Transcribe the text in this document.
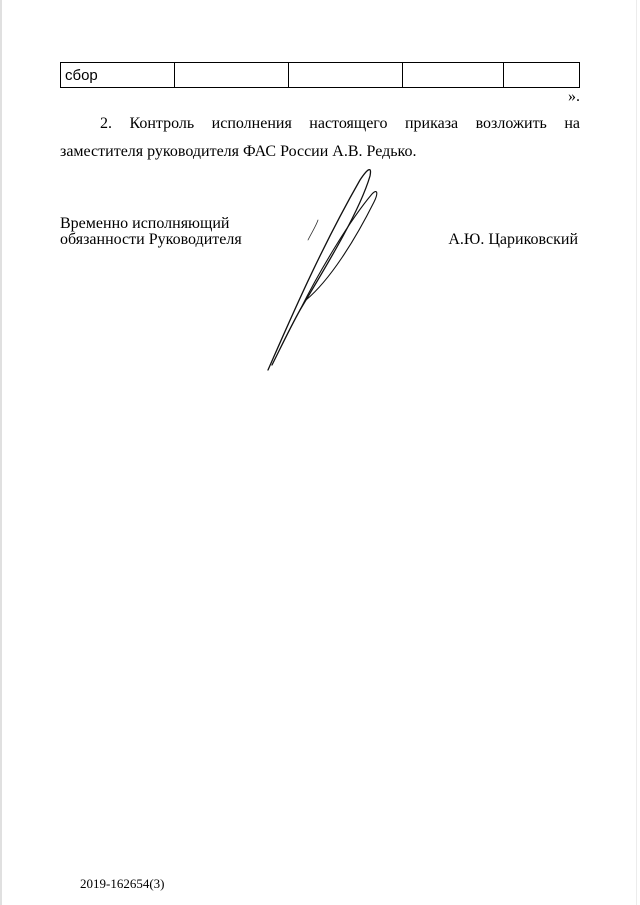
сбор				
».

2. Контроль исполнения настоящего приказа возложить на заместителя руководителя ФАС России А.В. Редько.

Временно исполняющий
обязанности Руководителя	А.Ю. Цариковский
2019-162654(3)
